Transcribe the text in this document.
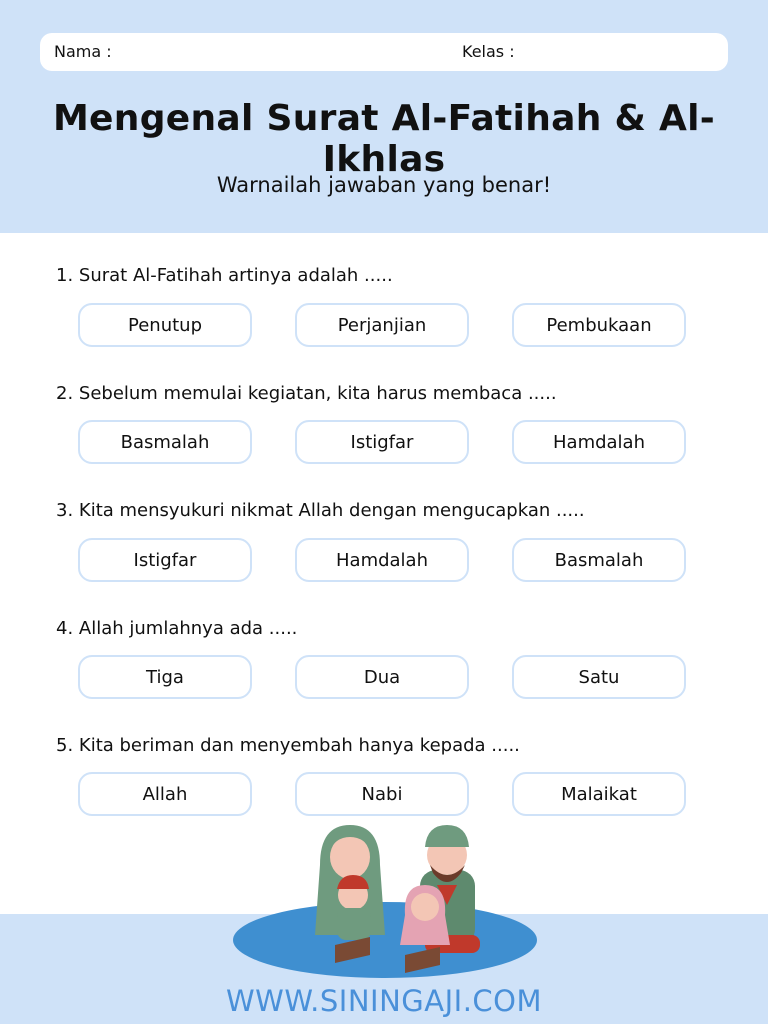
Nama :	Kelas :
Mengenal Surat Al-Fatihah & Al-Ikhlas
Warnailah jawaban yang benar!

1. Surat Al-Fatihah artinya adalah .....

Penutup	Perjanjian	Pembukaan

2. Sebelum memulai kegiatan, kita harus membaca .....

Basmalah	Istigfar	Hamdalah

3. Kita mensyukuri nikmat Allah dengan mengucapkan .....

Istigfar	Hamdalah	Basmalah

4. Allah jumlahnya ada .....

Tiga	Dua	Satu

5. Kita beriman dan menyembah hanya kepada .....

Allah	Nabi	Malaikat
WWW.SININGAJI.COM
